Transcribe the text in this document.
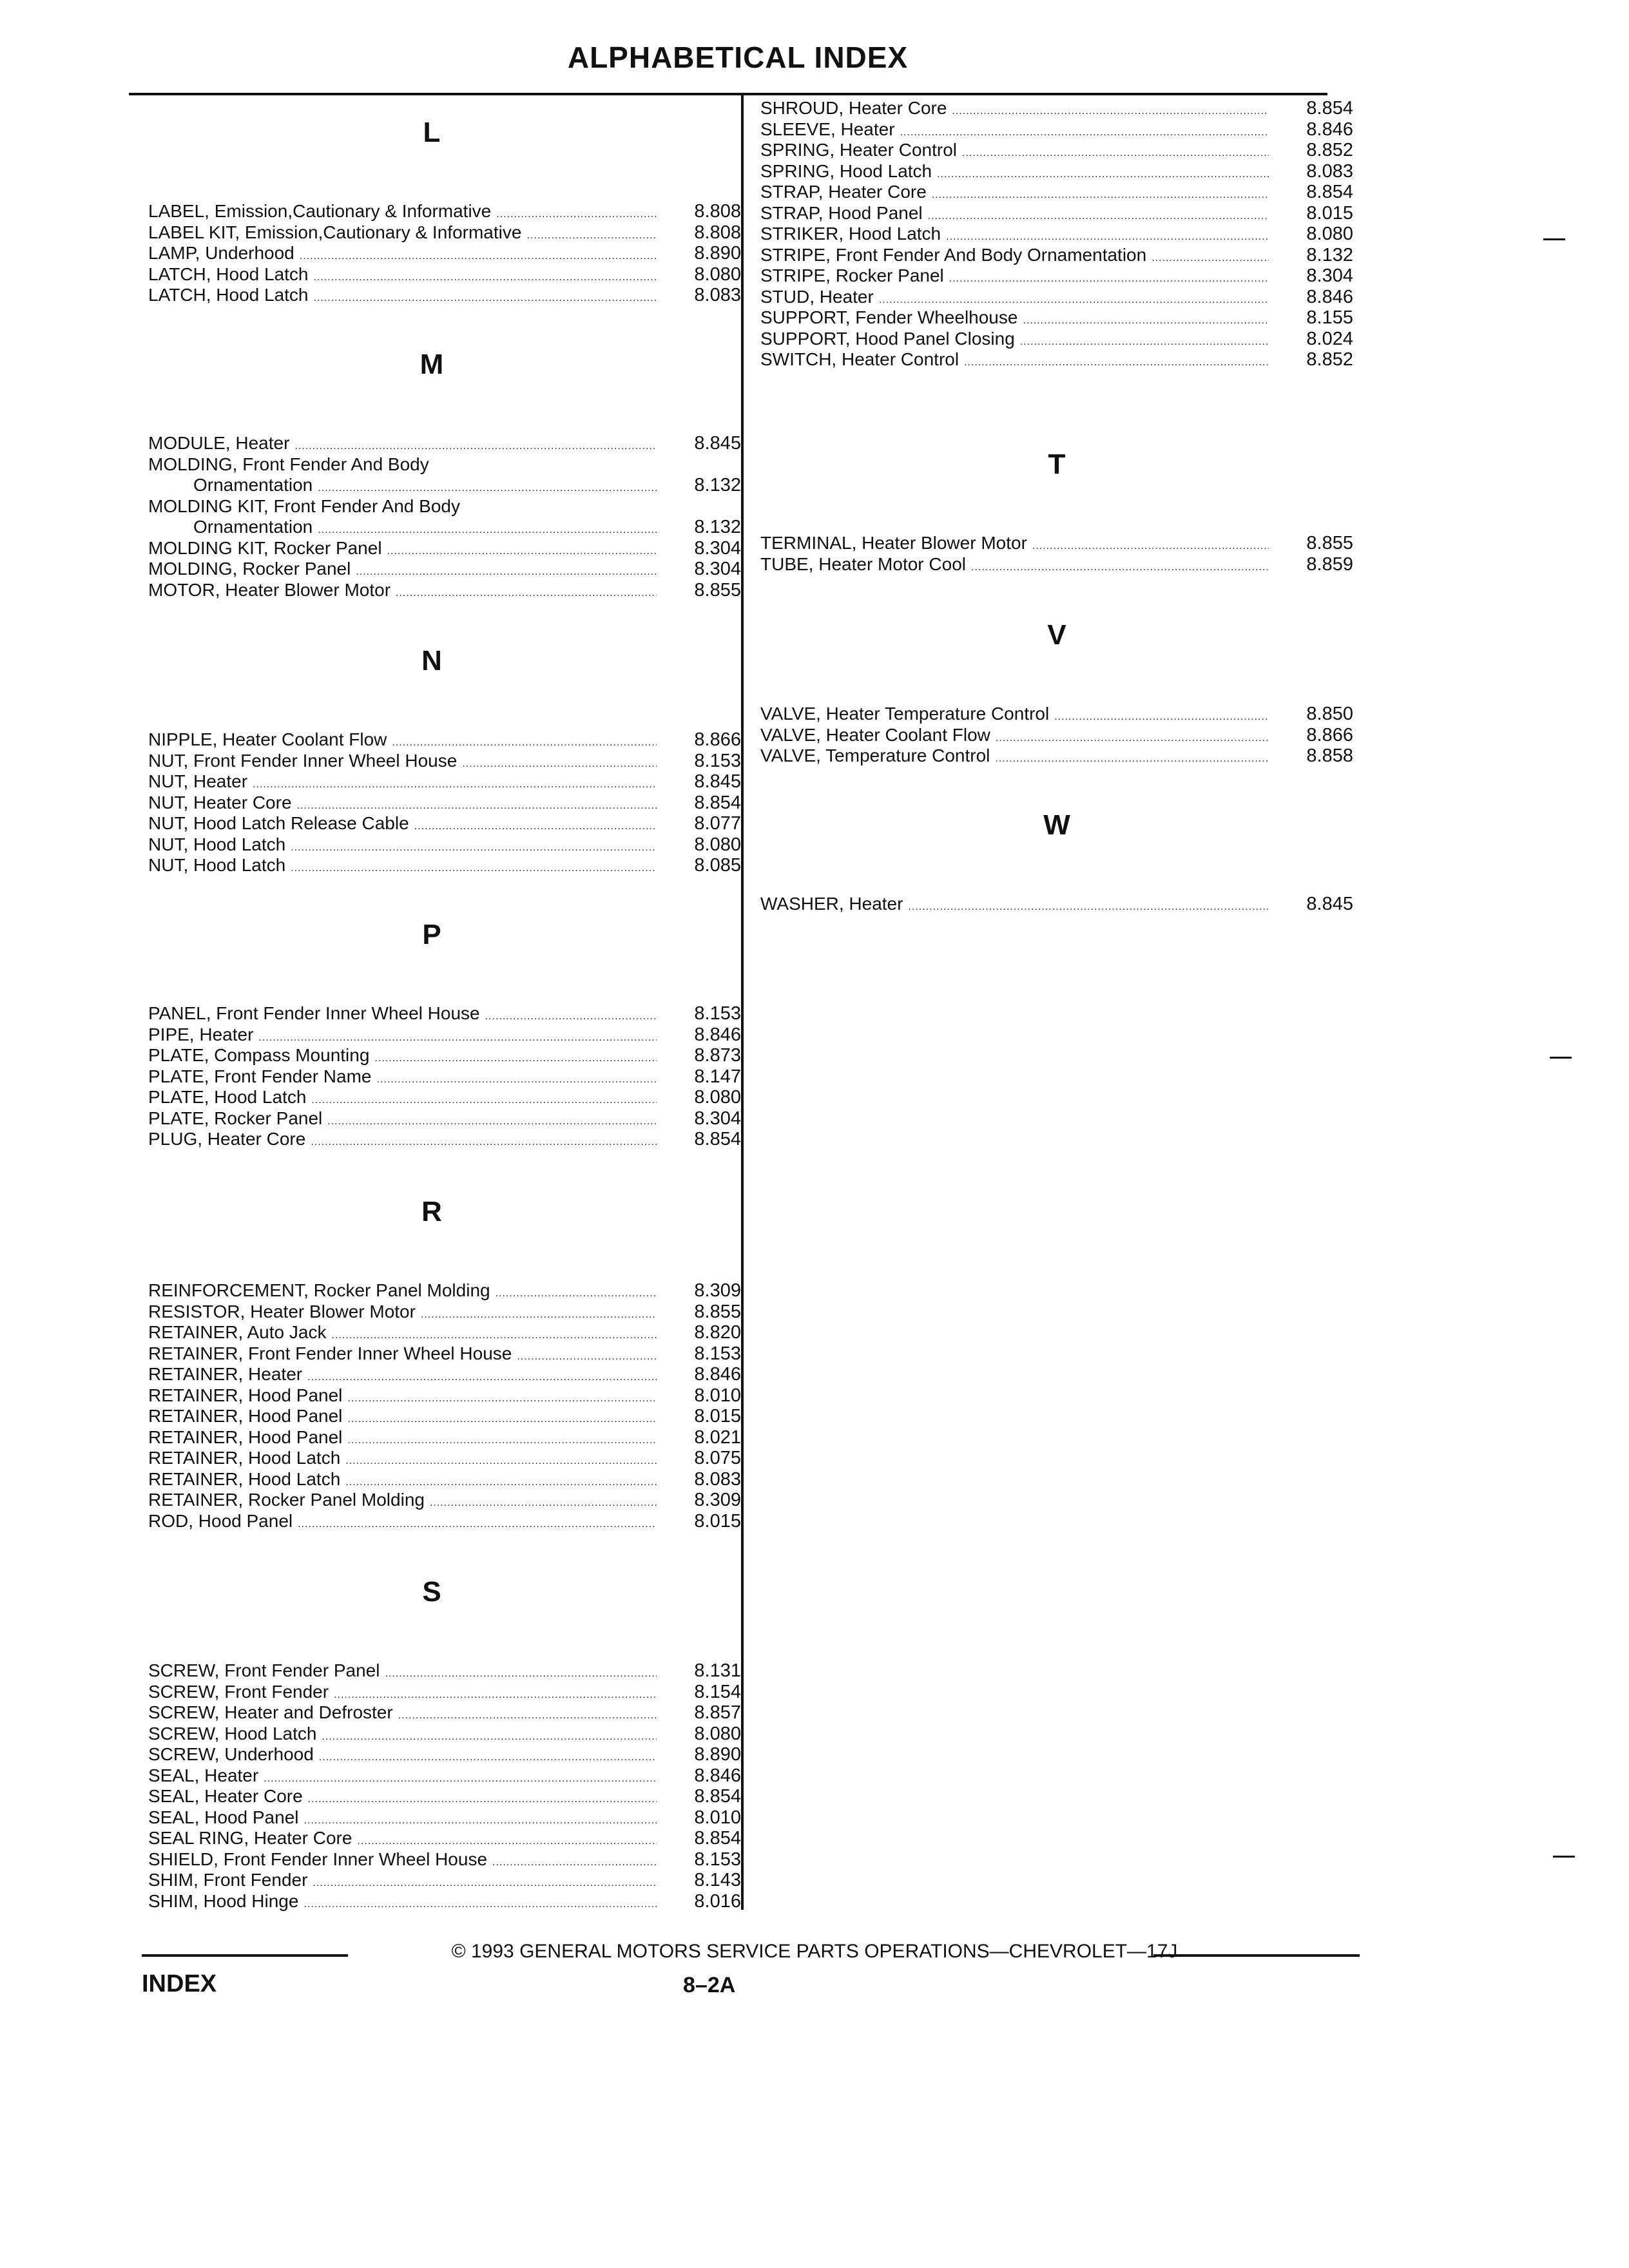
ALPHABETICAL INDEX
L
LABEL, Emission,Cautionary & Informative .....	8.808
LABEL KIT, Emission,Cautionary & Informative .....	8.808
LAMP, Underhood .....	8.890
LATCH, Hood Latch .....	8.080
LATCH, Hood Latch .....	8.083
M
MODULE, Heater .....	8.845
MOLDING, Front Fender And Body
Ornamentation .....	8.132
MOLDING KIT, Front Fender And Body
Ornamentation .....	8.132
MOLDING KIT, Rocker Panel .....	8.304
MOLDING, Rocker Panel .....	8.304
MOTOR, Heater Blower Motor .....	8.855
N
NIPPLE, Heater Coolant Flow .....	8.866
NUT, Front Fender Inner Wheel House .....	8.153
NUT, Heater .....	8.845
NUT, Heater Core .....	8.854
NUT, Hood Latch Release Cable .....	8.077
NUT, Hood Latch .....	8.080
NUT, Hood Latch .....	8.085
P
PANEL, Front Fender Inner Wheel House .....	8.153
PIPE, Heater .....	8.846
PLATE, Compass Mounting .....	8.873
PLATE, Front Fender Name .....	8.147
PLATE, Hood Latch .....	8.080
PLATE, Rocker Panel .....	8.304
PLUG, Heater Core .....	8.854
R
REINFORCEMENT, Rocker Panel Molding .....	8.309
RESISTOR, Heater Blower Motor .....	8.855
RETAINER, Auto Jack .....	8.820
RETAINER, Front Fender Inner Wheel House .....	8.153
RETAINER, Heater .....	8.846
RETAINER, Hood Panel .....	8.010
RETAINER, Hood Panel .....	8.015
RETAINER, Hood Panel .....	8.021
RETAINER, Hood Latch .....	8.075
RETAINER, Hood Latch .....	8.083
RETAINER, Rocker Panel Molding .....	8.309
ROD, Hood Panel .....	8.015
S
SCREW, Front Fender Panel .....	8.131
SCREW, Front Fender .....	8.154
SCREW, Heater and Defroster .....	8.857
SCREW, Hood Latch .....	8.080
SCREW, Underhood .....	8.890
SEAL, Heater .....	8.846
SEAL, Heater Core .....	8.854
SEAL, Hood Panel .....	8.010
SEAL RING, Heater Core .....	8.854
SHIELD, Front Fender Inner Wheel House .....	8.153
SHIM, Front Fender .....	8.143
SHIM, Hood Hinge .....	8.016
SHROUD, Heater Core .....	8.854
SLEEVE, Heater .....	8.846
SPRING, Heater Control .....	8.852
SPRING, Hood Latch .....	8.083
STRAP, Heater Core .....	8.854
STRAP, Hood Panel .....	8.015
STRIKER, Hood Latch .....	8.080
STRIPE, Front Fender And Body Ornamentation .....	8.132
STRIPE, Rocker Panel .....	8.304
STUD, Heater .....	8.846
SUPPORT, Fender Wheelhouse .....	8.155
SUPPORT, Hood Panel Closing .....	8.024
SWITCH, Heater Control .....	8.852
T
TERMINAL, Heater Blower Motor .....	8.855
TUBE, Heater Motor Cool .....	8.859
V
VALVE, Heater Temperature Control .....	8.850
VALVE, Heater Coolant Flow .....	8.866
VALVE, Temperature Control .....	8.858
W
WASHER, Heater .....	8.845
© 1993 GENERAL MOTORS SERVICE PARTS OPERATIONS—CHEVROLET—17J
INDEX	8–2A
